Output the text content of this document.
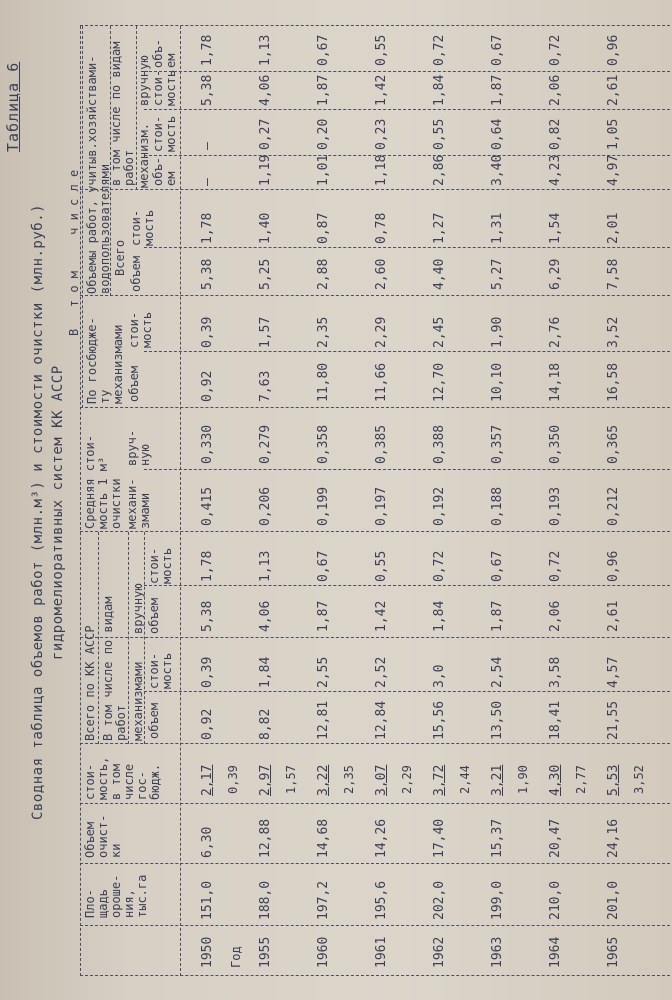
Таблица 6
Сводная таблица объемов работ (млн.м³) и стоимости очистки (млн.руб.) гидромелиоративных систем КК АССР
Год
Пло-
щадь
ороше-
ния,
тыс.га
Объем
очист-
ки
стои-
мость,
в том
числе
гос-
бюдж.
Всего по КК АССР В том числе по видам
работ механизмами
вручную
объем
стои-
мость
объем
стои-
мость
Средняя стои-
мость 1 м³
очистки механи-
змами
вруч-
ную
В   т о м     ч и с л е
По госбюдже-
ту механизмами объем
стои-
мость
Объемы работ, учитыв.хозяйствами-
водопользователями Всего объем
стои-
мость
в том числе по видам
работ механизм.
вручную
объ-
ем
стои-
мость
стои-
мость
объ-
ем
1950
151,0
6,30
2,17
0,92
0,39
5,38
1,78
0,415
0,330
0,92
0,39
5,38
1,78
–
–
5,38
1,78
0,39
1955
188,0
12,88
2,97
8,82
1,84
4,06
1,13
0,206
0,279
7,63
1,57
5,25
1,40
1,19
0,27
4,06
1,13
1,57
1960
197,2
14,68
3,22
12,81
2,55
1,87
0,67
0,199
0,358
11,80
2,35
2,88
0,87
1,01
0,20
1,87
0,67
2,35
1961
195,6
14,26
3,07
12,84
2,52
1,42
0,55
0,197
0,385
11,66
2,29
2,60
0,78
1,18
0,23
1,42
0,55
2,29
1962
202,0
17,40
3,72
15,56
3,0
1,84
0,72
0,192
0,388
12,70
2,45
4,40
1,27
2,86
0,55
1,84
0,72
2,44
1963
199,0
15,37
3,21
13,50
2,54
1,87
0,67
0,188
0,357
10,10
1,90
5,27
1,31
3,40
0,64
1,87
0,67
1,90
1964
210,0
20,47
4,30
18,41
3,58
2,06
0,72
0,193
0,350
14,18
2,76
6,29
1,54
4,23
0,82
2,06
0,72
2,77
1965
201,0
24,16
5,53
21,55
4,57
2,61
0,96
0,212
0,365
16,58
3,52
7,58
2,01
4,97
1,05
2,61
0,96
3,52
